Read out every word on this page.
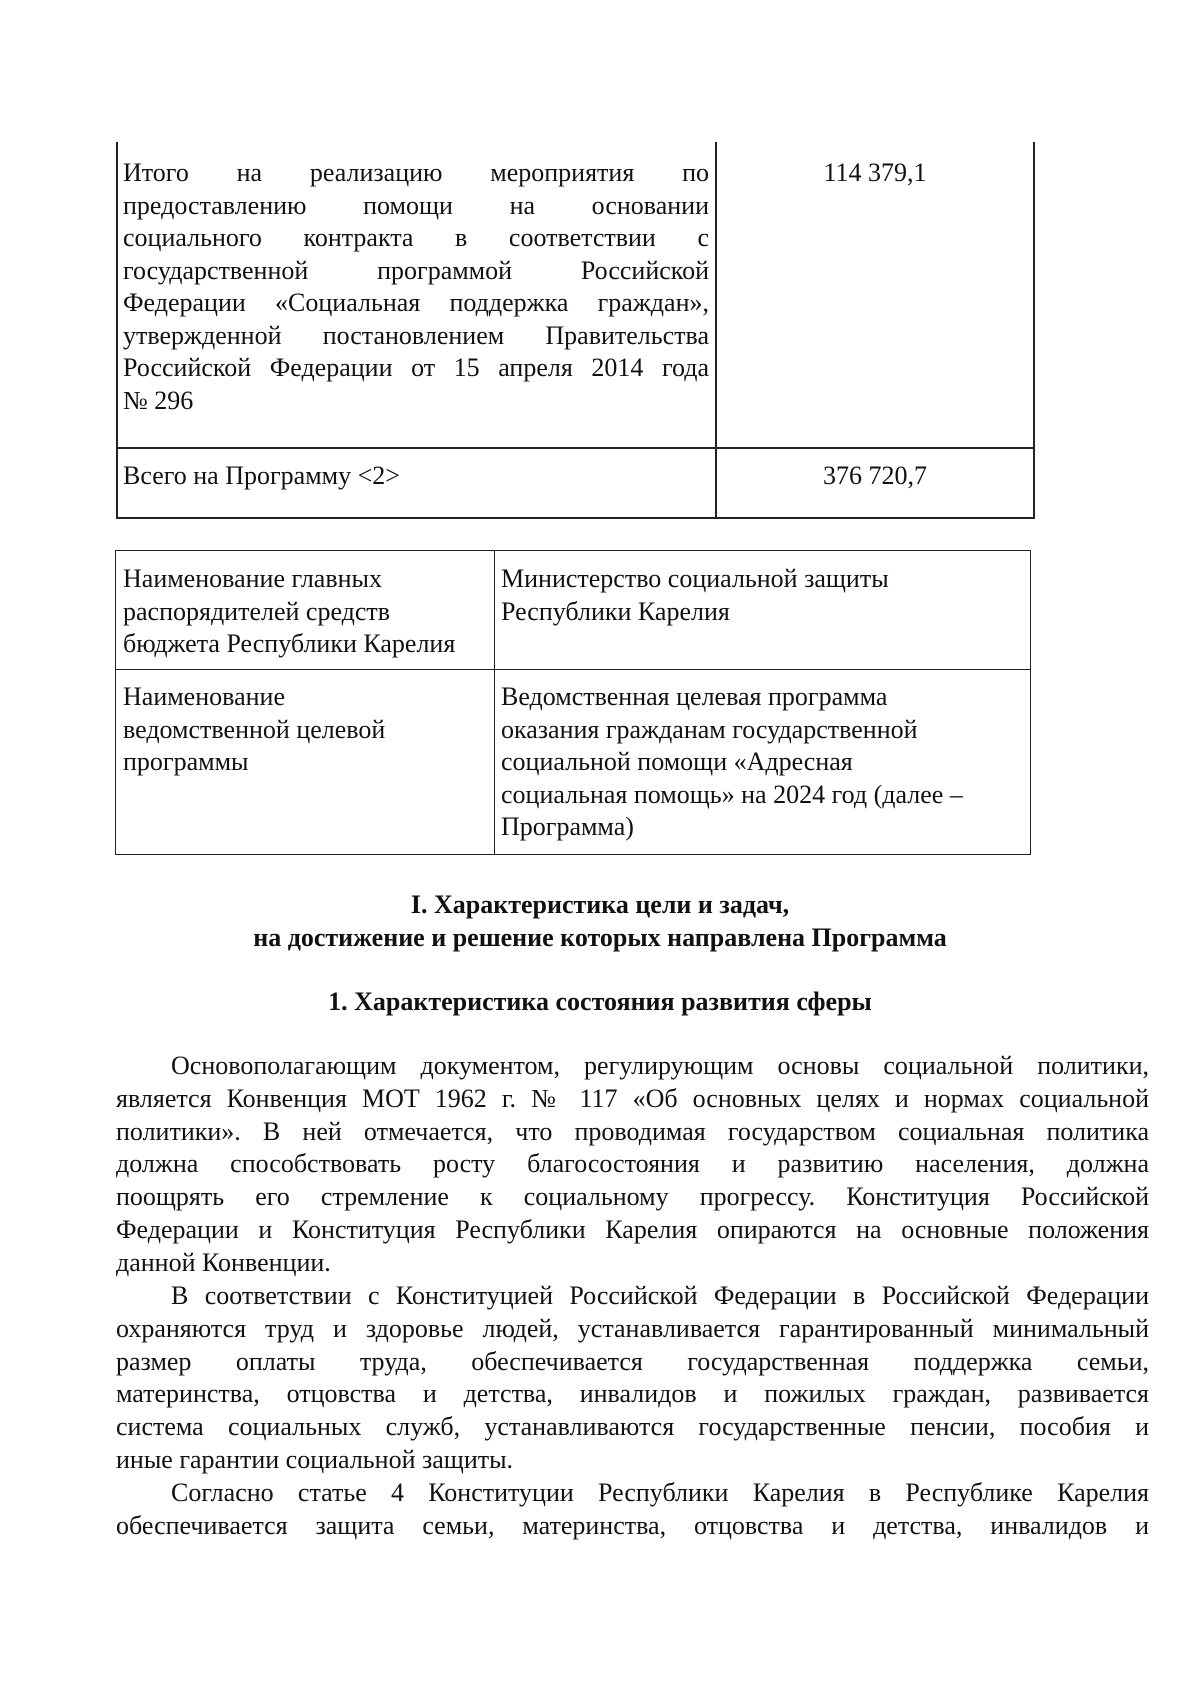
Итого на реализацию мероприятия по
предоставлению помощи на основании
социального контракта в соответствии с
государственной программой Российской
Федерации «Социальная поддержка граждан»,
утвержденной постановлением Правительства
Российской Федерации от 15 апреля 2014 года
№ 296
114 379,1
Всего на Программу <2>	376 720,7
Наименование главных
распорядителей средств
бюджета Республики Карелия
Министерство социальной защиты
Республики Карелия
Наименование
ведомственной целевой
программы
Ведомственная целевая программа
оказания гражданам государственной
социальной помощи «Адресная
социальная помощь» на 2024 год (далее –
Программа)
I. Характеристика цели и задач,
на достижение и решение которых направлена Программа
1. Характеристика состояния развития сферы
Основополагающим документом, регулирующим основы социальной политики,
является Конвенция МОТ 1962 г. № 117 «Об основных целях и нормах социальной
политики». В ней отмечается, что проводимая государством социальная политика
должна способствовать росту благосостояния и развитию населения, должна
поощрять его стремление к социальному прогрессу. Конституция Российской
Федерации и Конституция Республики Карелия опираются на основные положения
данной Конвенции.
В соответствии с Конституцией Российской Федерации в Российской Федерации
охраняются труд и здоровье людей, устанавливается гарантированный минимальный
размер оплаты труда, обеспечивается государственная поддержка семьи,
материнства, отцовства и детства, инвалидов и пожилых граждан, развивается
система социальных служб, устанавливаются государственные пенсии, пособия и
иные гарантии социальной защиты.
Согласно статье 4 Конституции Республики Карелия в Республике Карелия
обеспечивается защита семьи, материнства, отцовства и детства, инвалидов и
